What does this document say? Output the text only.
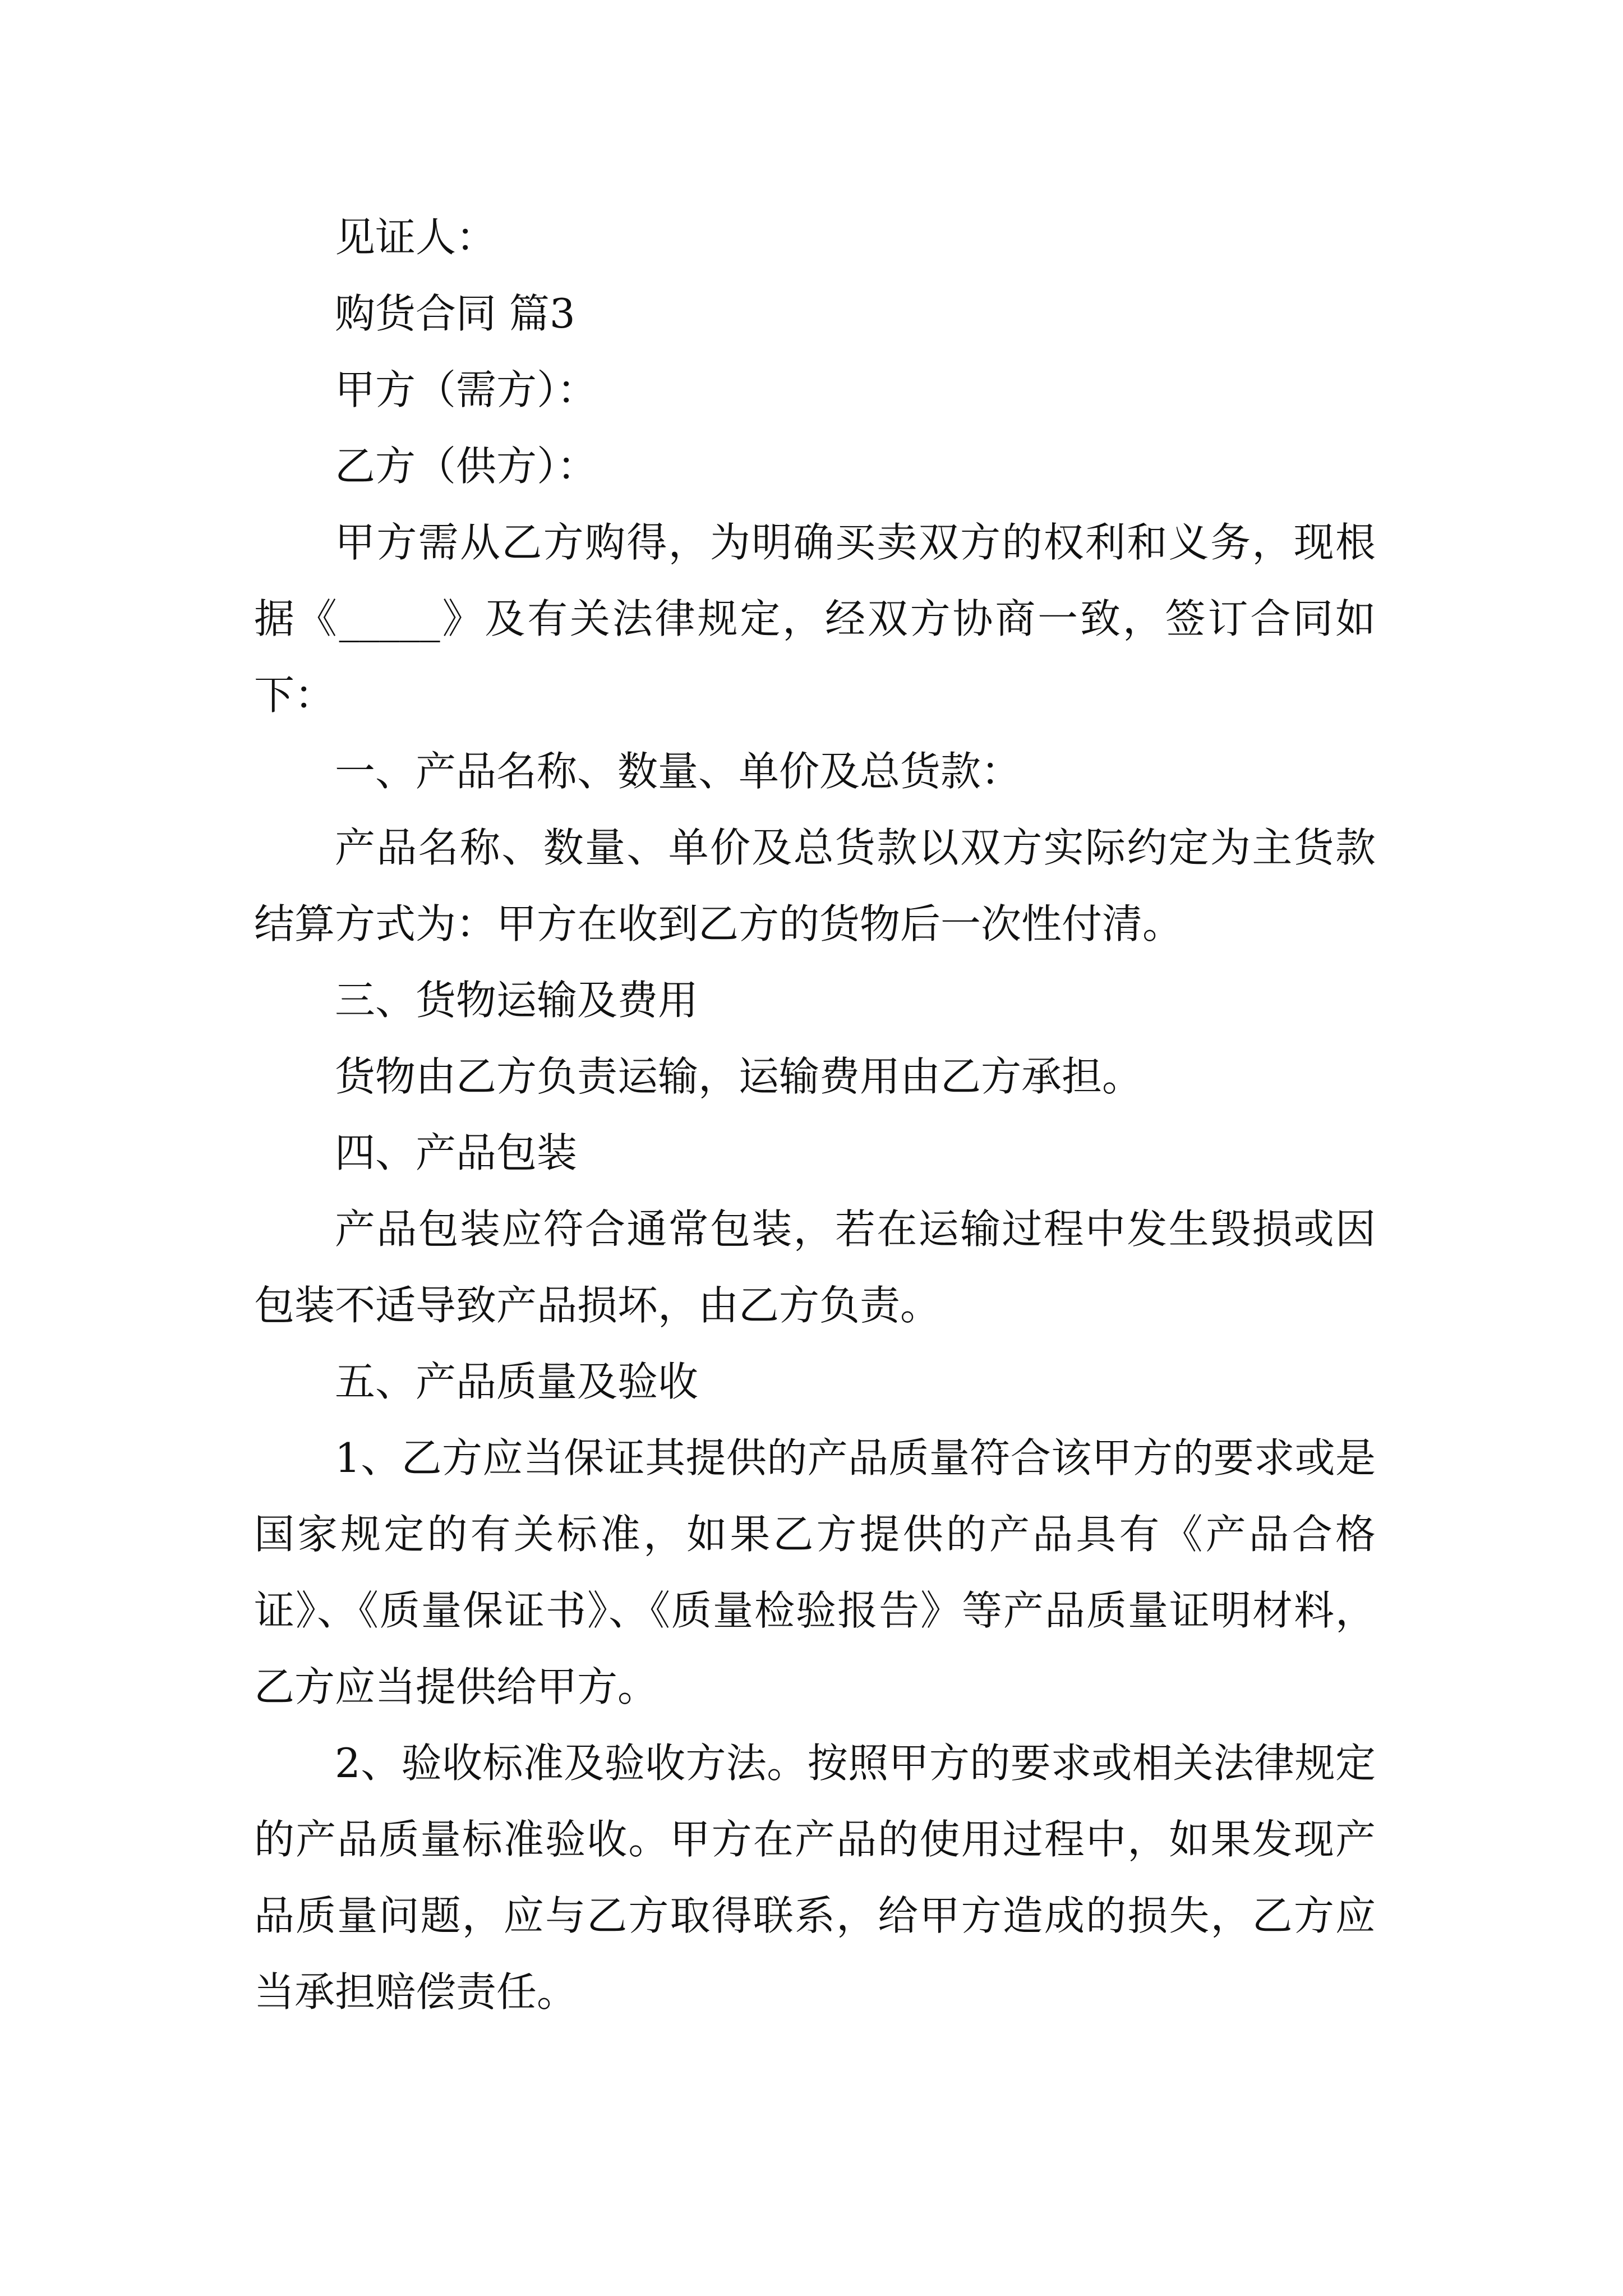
见证人：

购货合同 篇3

甲方（需方）：

乙方（供方）：

甲方需从乙方购得，为明确买卖双方的权利和义务，现根据《_____》及有关法律规定，经双方协商一致，签订合同如下：

一、产品名称、数量、单价及总货款：

产品名称、数量、单价及总货款以双方实际约定为主货款结算方式为：甲方在收到乙方的货物后一次性付清。

三、货物运输及费用

货物由乙方负责运输，运输费用由乙方承担。

四、产品包装

产品包装应符合通常包装，若在运输过程中发生毁损或因包装不适导致产品损坏，由乙方负责。

五、产品质量及验收

1、乙方应当保证其提供的产品质量符合该甲方的要求或是国家规定的有关标准，如果乙方提供的产品具有《产品合格证》、《质量保证书》、《质量检验报告》等产品质量证明材料，乙方应当提供给甲方。

2、验收标准及验收方法。按照甲方的要求或相关法律规定的产品质量标准验收。甲方在产品的使用过程中，如果发现产品质量问题，应与乙方取得联系，给甲方造成的损失，乙方应当承担赔偿责任。
